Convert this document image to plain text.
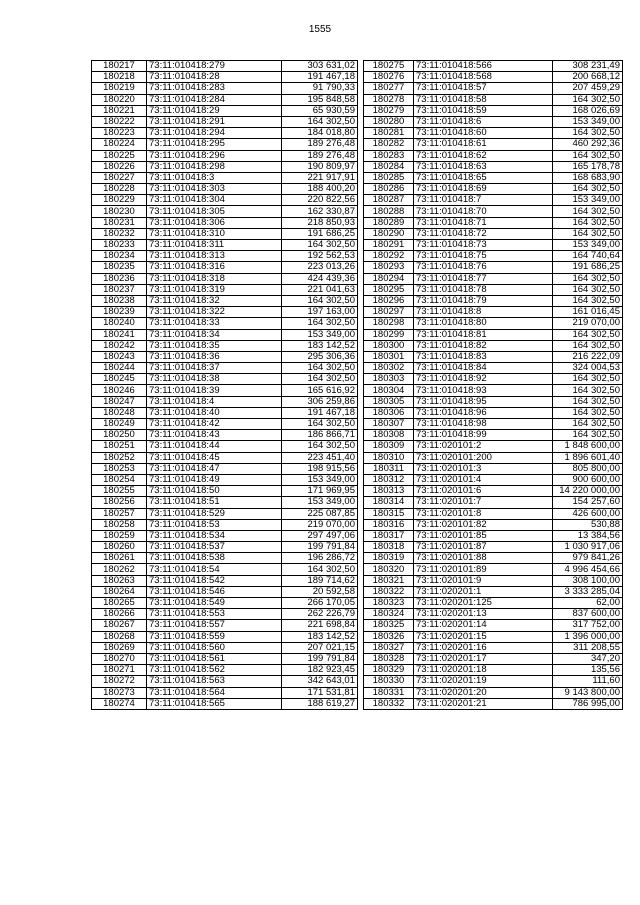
1555
180217	73:11:010418:279	303 631,02
180218	73:11:010418:28	191 467,18
180219	73:11:010418:283	91 790,33
180220	73:11:010418:284	195 848,58
180221	73:11:010418:29	65 930,59
180222	73:11:010418:291	164 302,50
180223	73:11:010418:294	184 018,80
180224	73:11:010418:295	189 276,48
180225	73:11:010418:296	189 276,48
180226	73:11:010418:298	190 809,97
180227	73:11:010418:3	221 917,91
180228	73:11:010418:303	188 400,20
180229	73:11:010418:304	220 822,56
180230	73:11:010418:305	162 330,87
180231	73:11:010418:306	218 850,93
180232	73:11:010418:310	191 686,25
180233	73:11:010418:311	164 302,50
180234	73:11:010418:313	192 562,53
180235	73:11:010418:316	223 013,26
180236	73:11:010418:318	424 439,36
180237	73:11:010418:319	221 041,63
180238	73:11:010418:32	164 302,50
180239	73:11:010418:322	197 163,00
180240	73:11:010418:33	164 302,50
180241	73:11:010418:34	153 349,00
180242	73:11:010418:35	183 142,52
180243	73:11:010418:36	295 306,36
180244	73:11:010418:37	164 302,50
180245	73:11:010418:38	164 302,50
180246	73:11:010418:39	165 616,92
180247	73:11:010418:4	306 259,86
180248	73:11:010418:40	191 467,18
180249	73:11:010418:42	164 302,50
180250	73:11:010418:43	186 866,71
180251	73:11:010418:44	164 302,50
180252	73:11:010418:45	223 451,40
180253	73:11:010418:47	198 915,56
180254	73:11:010418:49	153 349,00
180255	73:11:010418:50	171 969,95
180256	73:11:010418:51	153 349,00
180257	73:11:010418:529	225 087,85
180258	73:11:010418:53	219 070,00
180259	73:11:010418:534	297 497,06
180260	73:11:010418:537	199 791,84
180261	73:11:010418:538	196 286,72
180262	73:11:010418:54	164 302,50
180263	73:11:010418:542	189 714,62
180264	73:11:010418:546	20 592,58
180265	73:11:010418:549	266 170,05
180266	73:11:010418:553	262 226,79
180267	73:11:010418:557	221 698,84
180268	73:11:010418:559	183 142,52
180269	73:11:010418:560	207 021,15
180270	73:11:010418:561	199 791,84
180271	73:11:010418:562	182 923,45
180272	73:11:010418:563	342 643,01
180273	73:11:010418:564	171 531,81
180274	73:11:010418:565	188 619,27
180275	73:11:010418:566	308 231,49
180276	73:11:010418:568	200 668,12
180277	73:11:010418:57	207 459,29
180278	73:11:010418:58	164 302,50
180279	73:11:010418:59	168 026,69
180280	73:11:010418:6	153 349,00
180281	73:11:010418:60	164 302,50
180282	73:11:010418:61	460 292,36
180283	73:11:010418:62	164 302,50
180284	73:11:010418:63	165 178,78
180285	73:11:010418:65	168 683,90
180286	73:11:010418:69	164 302,50
180287	73:11:010418:7	153 349,00
180288	73:11:010418:70	164 302,50
180289	73:11:010418:71	164 302,50
180290	73:11:010418:72	164 302,50
180291	73:11:010418:73	153 349,00
180292	73:11:010418:75	164 740,64
180293	73:11:010418:76	191 686,25
180294	73:11:010418:77	164 302,50
180295	73:11:010418:78	164 302,50
180296	73:11:010418:79	164 302,50
180297	73:11:010418:8	161 016,45
180298	73:11:010418:80	219 070,00
180299	73:11:010418:81	164 302,50
180300	73:11:010418:82	164 302,50
180301	73:11:010418:83	216 222,09
180302	73:11:010418:84	324 004,53
180303	73:11:010418:92	164 302,50
180304	73:11:010418:93	164 302,50
180305	73:11:010418:95	164 302,50
180306	73:11:010418:96	164 302,50
180307	73:11:010418:98	164 302,50
180308	73:11:010418:99	164 302,50
180309	73:11:020101:2	1 848 600,00
180310	73:11:020101:200	1 896 601,40
180311	73:11:020101:3	805 800,00
180312	73:11:020101:4	900 600,00
180313	73:11:020101:6	14 220 000,00
180314	73:11:020101:7	154 257,60
180315	73:11:020101:8	426 600,00
180316	73:11:020101:82	530,88
180317	73:11:020101:85	13 384,56
180318	73:11:020101:87	1 030 917,06
180319	73:11:020101:88	979 841,26
180320	73:11:020101:89	4 996 454,66
180321	73:11:020101:9	308 100,00
180322	73:11:020201:1	3 333 285,04
180323	73:11:020201:125	62,00
180324	73:11:020201:13	837 600,00
180325	73:11:020201:14	317 752,00
180326	73:11:020201:15	1 396 000,00
180327	73:11:020201:16	311 208,55
180328	73:11:020201:17	347,20
180329	73:11:020201:18	135,56
180330	73:11:020201:19	111,60
180331	73:11:020201:20	9 143 800,00
180332	73:11:020201:21	786 995,00
